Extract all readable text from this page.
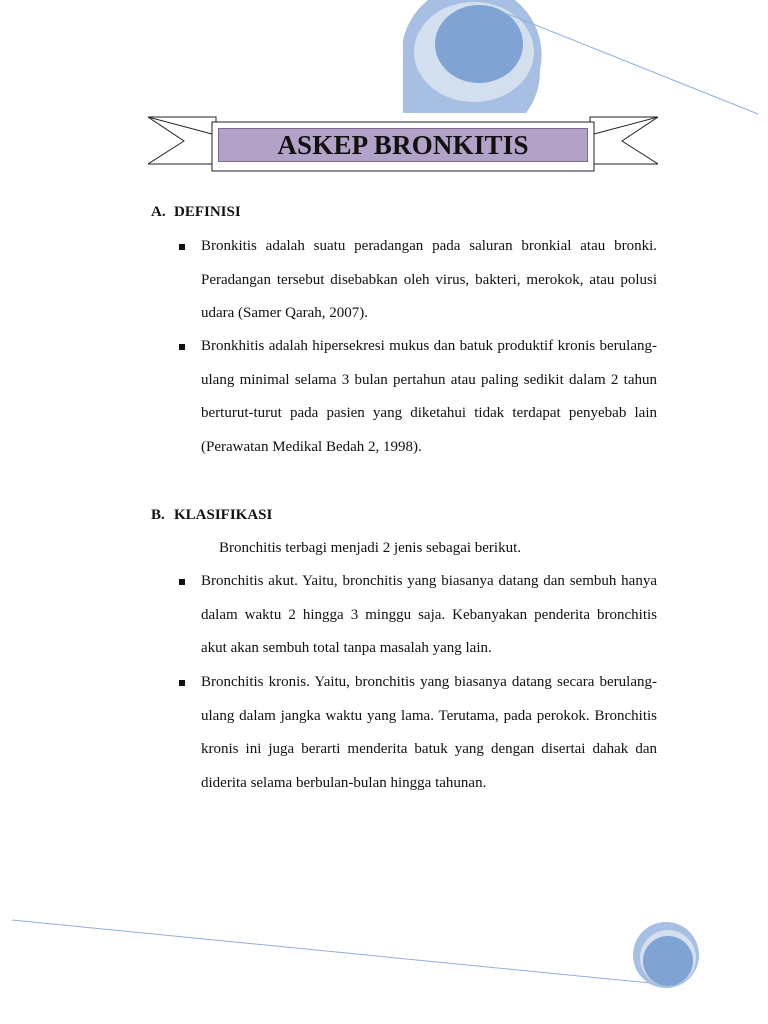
ASKEP BRONKITIS
A. DEFINISI

Bronkitis adalah suatu peradangan pada saluran bronkial atau bronki. Peradangan tersebut disebabkan oleh virus, bakteri, merokok, atau polusi udara (Samer Qarah, 2007).

Bronkhitis adalah hipersekresi mukus dan batuk produktif kronis berulang-ulang minimal selama 3 bulan pertahun atau paling sedikit dalam 2 tahun berturut-turut pada pasien yang diketahui tidak terdapat penyebab lain (Perawatan Medikal Bedah 2, 1998).

B. KLASIFIKASI
Bronchitis terbagi menjadi 2 jenis sebagai berikut.

Bronchitis akut. Yaitu, bronchitis yang biasanya datang dan sembuh hanya dalam waktu 2 hingga 3 minggu saja. Kebanyakan penderita bronchitis akut akan sembuh total tanpa masalah yang lain.

Bronchitis kronis. Yaitu, bronchitis yang biasanya datang secara berulang-ulang dalam jangka waktu yang lama. Terutama, pada perokok. Bronchitis kronis ini juga berarti menderita batuk yang dengan disertai dahak dan diderita selama berbulan-bulan hingga tahunan.
